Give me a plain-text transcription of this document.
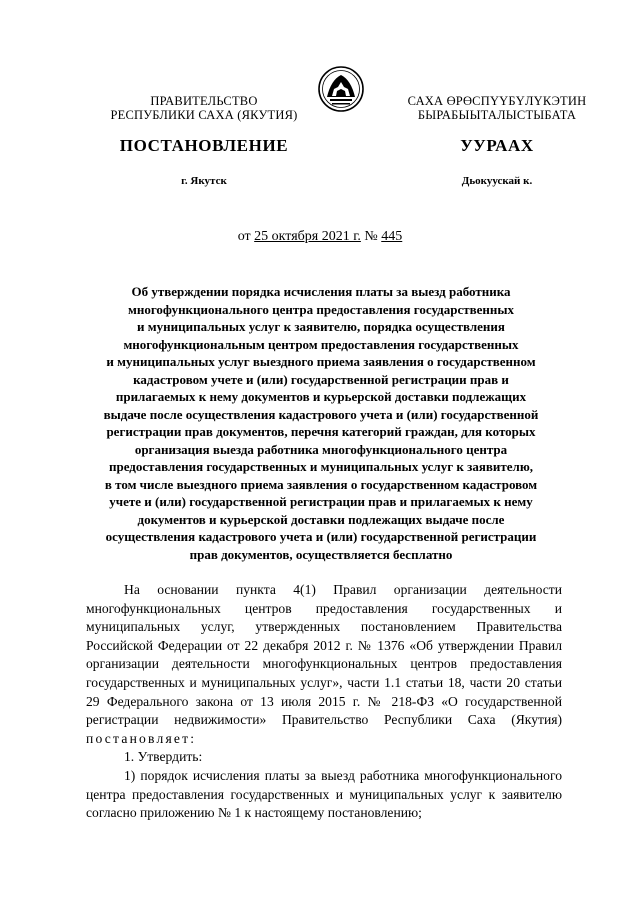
ПРАВИТЕЛЬСТВО
РЕСПУБЛИКИ САХА (ЯКУТИЯ)
САХА ӨРӨСПYYБYЛYКЭТИН
БЫРАБЫЫТАЛЫСТЫБАТА
ПОСТАНОВЛЕНИЕ	УУРААХ
г. Якутск	Дьокуускай к.
от 25 октября 2021 г. № 445
Об утверждении порядка исчисления платы за выезд работника
многофункционального центра предоставления государственных
и муниципальных услуг к заявителю, порядка осуществления
многофункциональным центром предоставления государственных
и муниципальных услуг выездного приема заявления о государственном
кадастровом учете и (или) государственной регистрации прав и
прилагаемых к нему документов и курьерской доставки подлежащих
выдаче после осуществления кадастрового учета и (или) государственной
регистрации прав документов, перечня категорий граждан, для которых
организация выезда работника многофункционального центра
предоставления государственных и муниципальных услуг к заявителю,
в том числе выездного приема заявления о государственном кадастровом
учете и (или) государственной регистрации прав и прилагаемых к нему
документов и курьерской доставки подлежащих выдаче после
осуществления кадастрового учета и (или) государственной регистрации
прав документов, осуществляется бесплатно

На основании пункта 4(1) Правил организации деятельности многофункциональных центров предоставления государственных и муниципальных услуг, утвержденных постановлением Правительства Российской Федерации от 22 декабря 2012 г. № 1376 «Об утверждении Правил организации деятельности многофункциональных центров предоставления государственных и муниципальных услуг», части 1.1 статьи 18, части 20 статьи 29 Федерального закона от 13 июля 2015 г. № 218-ФЗ «О государственной регистрации недвижимости» Правительство Республики Саха (Якутия) постановляет:

1. Утвердить:

1) порядок исчисления платы за выезд работника многофункционального центра предоставления государственных и муниципальных услуг к заявителю согласно приложению № 1 к настоящему постановлению;
